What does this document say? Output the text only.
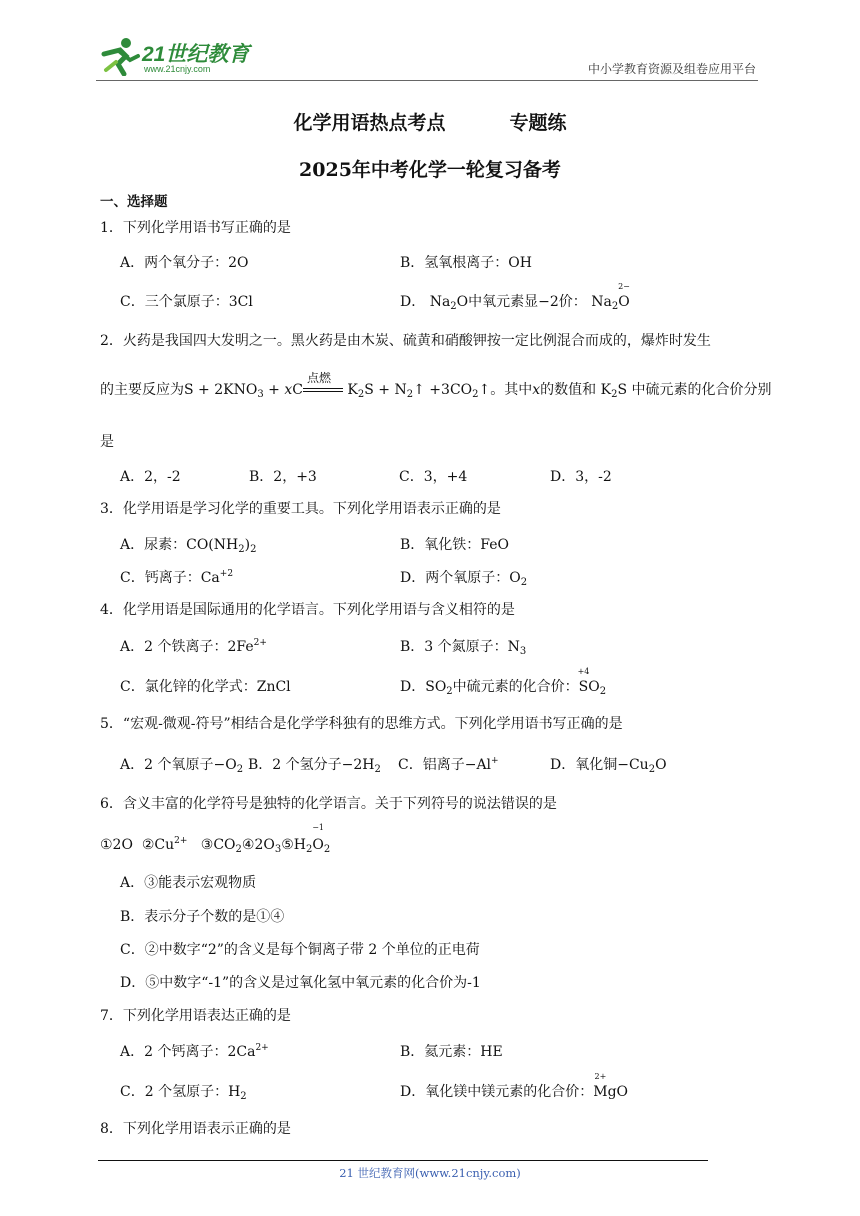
21世纪教育
www.21cnjy.com	中小学教育资源及组卷应用平台
化学用语热点考点	专题练
2025年中考化学一轮复习备考
一、选择题
1．下列化学用语书写正确的是
A．两个氧分子：2O	B．氢氧根离子：OH
C．三个氯原子：3Cl	D． $Na_2O$中氧元素显−2价： $Na_2$
2−
O
2．火药是我国四大发明之一。黑火药是由木炭、硫黄和硝酸钾按一定比例混合而成的，爆炸时发生
的主要反应为$S + 2KNO_3$ + xC
点燃
$K_2S$ + $N_2↑$ $+3CO_2↑$。其中x的数值和 $K_2S$ 中硫元素的化合价分别
是
A．2，-2	B．2，+3	C．3，+4	D．3，-2
3．化学用语是学习化学的重要工具。下列化学用语表示正确的是
A．尿素：$CO(NH_2)_2$	B．氧化铁：FeO
C．钙离子：$Ca^{+2}$	D．两个氧原子：$O_2$
4．化学用语是国际通用的化学语言。下列化学用语与含义相符的是
A．2 个铁离子：$2Fe^{2+}$	B．3 个氮原子：$N_3$
C．氯化锌的化学式：ZnCl	D．$SO_2$中硫元素的化合价：
+4
$SO_2$
5．“宏观-微观-符号”相结合是化学学科独有的思维方式。下列化学用语书写正确的是
A．2 个氧原子$-O_2$ B．2 个氢分子$-2H_2$ C．铝离子−Al+	D．氧化铜$-Cu_2O$
6．含义丰富的化学符号是独特的化学语言。关于下列符号的说法错误的是
①2O $②Cu^{2+}$ $③CO_2④2O_3⑤H_2$
−1
$O_2$
A．③能表示宏观物质
B．表示分子个数的是①④
C．②中数字“2”的含义是每个铜离子带 2 个单位的正电荷
D．⑤中数字“-1”的含义是过氧化氢中氧元素的化合价为-1
7．下列化学用语表达正确的是
A．2 个钙离子：$2Ca^{2+}$	B．氦元素：HE
C．2 个氢原子：$H_2$	D．氧化镁中镁元素的化合价：
2+
MgO
8．下列化学用语表示正确的是
21 世纪教育网(www.21cnjy.com)
